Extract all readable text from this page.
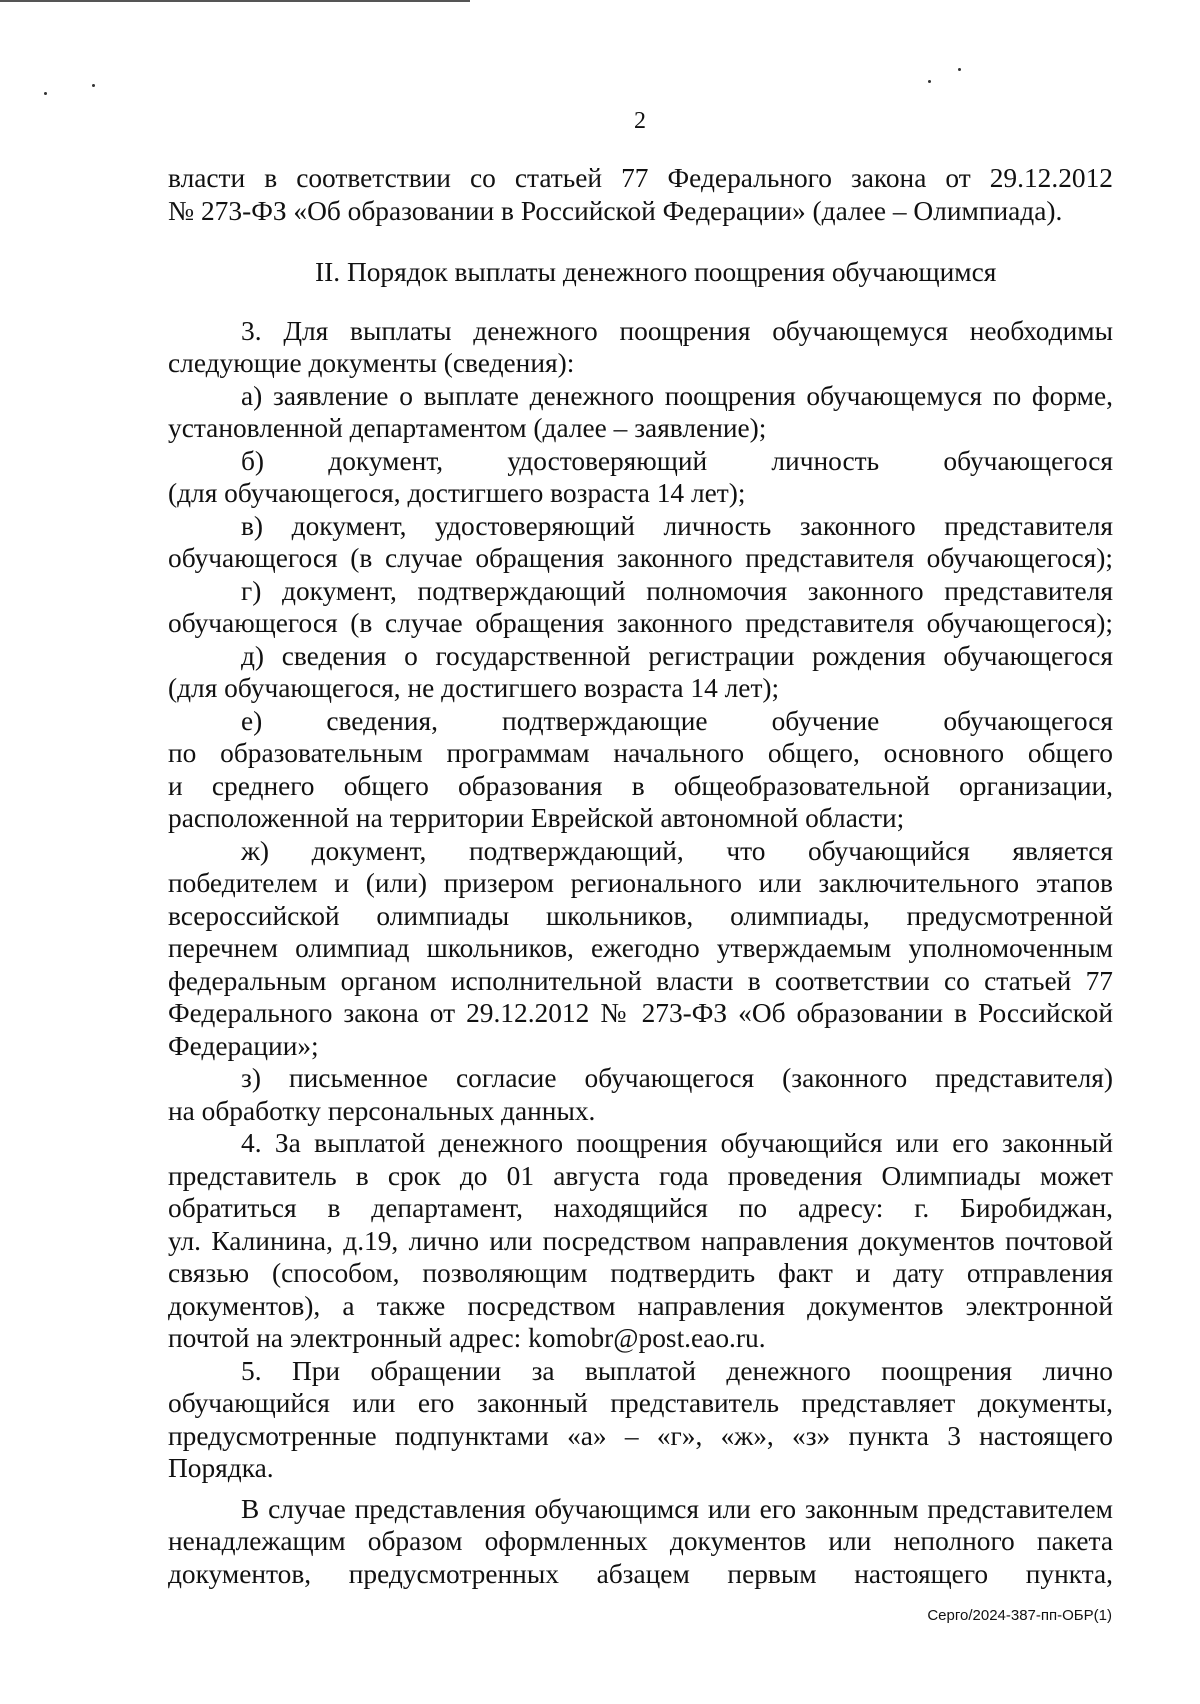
2

власти в соответствии со статьей 77 Федерального закона от 29.12.2012

№ 273-ФЗ «Об образовании в Российской Федерации» (далее – Олимпиада).

II. Порядок выплаты денежного поощрения обучающимся

3. Для выплаты денежного поощрения обучающемуся необходимы

следующие документы (сведения):

а) заявление о выплате денежного поощрения обучающемуся по форме,

установленной департаментом (далее – заявление);

б) документ, удостоверяющий личность обучающегося

(для обучающегося, достигшего возраста 14 лет);

в) документ, удостоверяющий личность законного представителя

обучающегося (в случае обращения законного представителя обучающегося);

г) документ, подтверждающий полномочия законного представителя

обучающегося (в случае обращения законного представителя обучающегося);

д) сведения о государственной регистрации рождения обучающегося

(для обучающегося, не достигшего возраста 14 лет);

е) сведения, подтверждающие обучение обучающегося

по образовательным программам начального общего, основного общего

и среднего общего образования в общеобразовательной организации,

расположенной на территории Еврейской автономной области;

ж) документ, подтверждающий, что обучающийся является

победителем и (или) призером регионального или заключительного этапов

всероссийской олимпиады школьников, олимпиады, предусмотренной

перечнем олимпиад школьников, ежегодно утверждаемым уполномоченным

федеральным органом исполнительной власти в соответствии со статьей 77

Федерального закона от 29.12.2012 № 273-ФЗ «Об образовании в Российской

Федерации»;

з) письменное согласие обучающегося (законного представителя)

на обработку персональных данных.

4. За выплатой денежного поощрения обучающийся или его законный

представитель в срок до 01 августа года проведения Олимпиады может

обратиться в департамент, находящийся по адресу: г. Биробиджан,

ул. Калинина, д.19, лично или посредством направления документов почтовой

связью (способом, позволяющим подтвердить факт и дату отправления

документов), а также посредством направления документов электронной

почтой на электронный адрес: komobr@post.eao.ru.

5. При обращении за выплатой денежного поощрения лично

обучающийся или его законный представитель представляет документы,

предусмотренные подпунктами «а» – «г», «ж», «з» пункта 3 настоящего

Порядка.

В случае представления обучающимся или его законным представителем

ненадлежащим образом оформленных документов или неполного пакета

документов, предусмотренных абзацем первым настоящего пункта,

Серго/2024-387-пп-ОБР(1)
